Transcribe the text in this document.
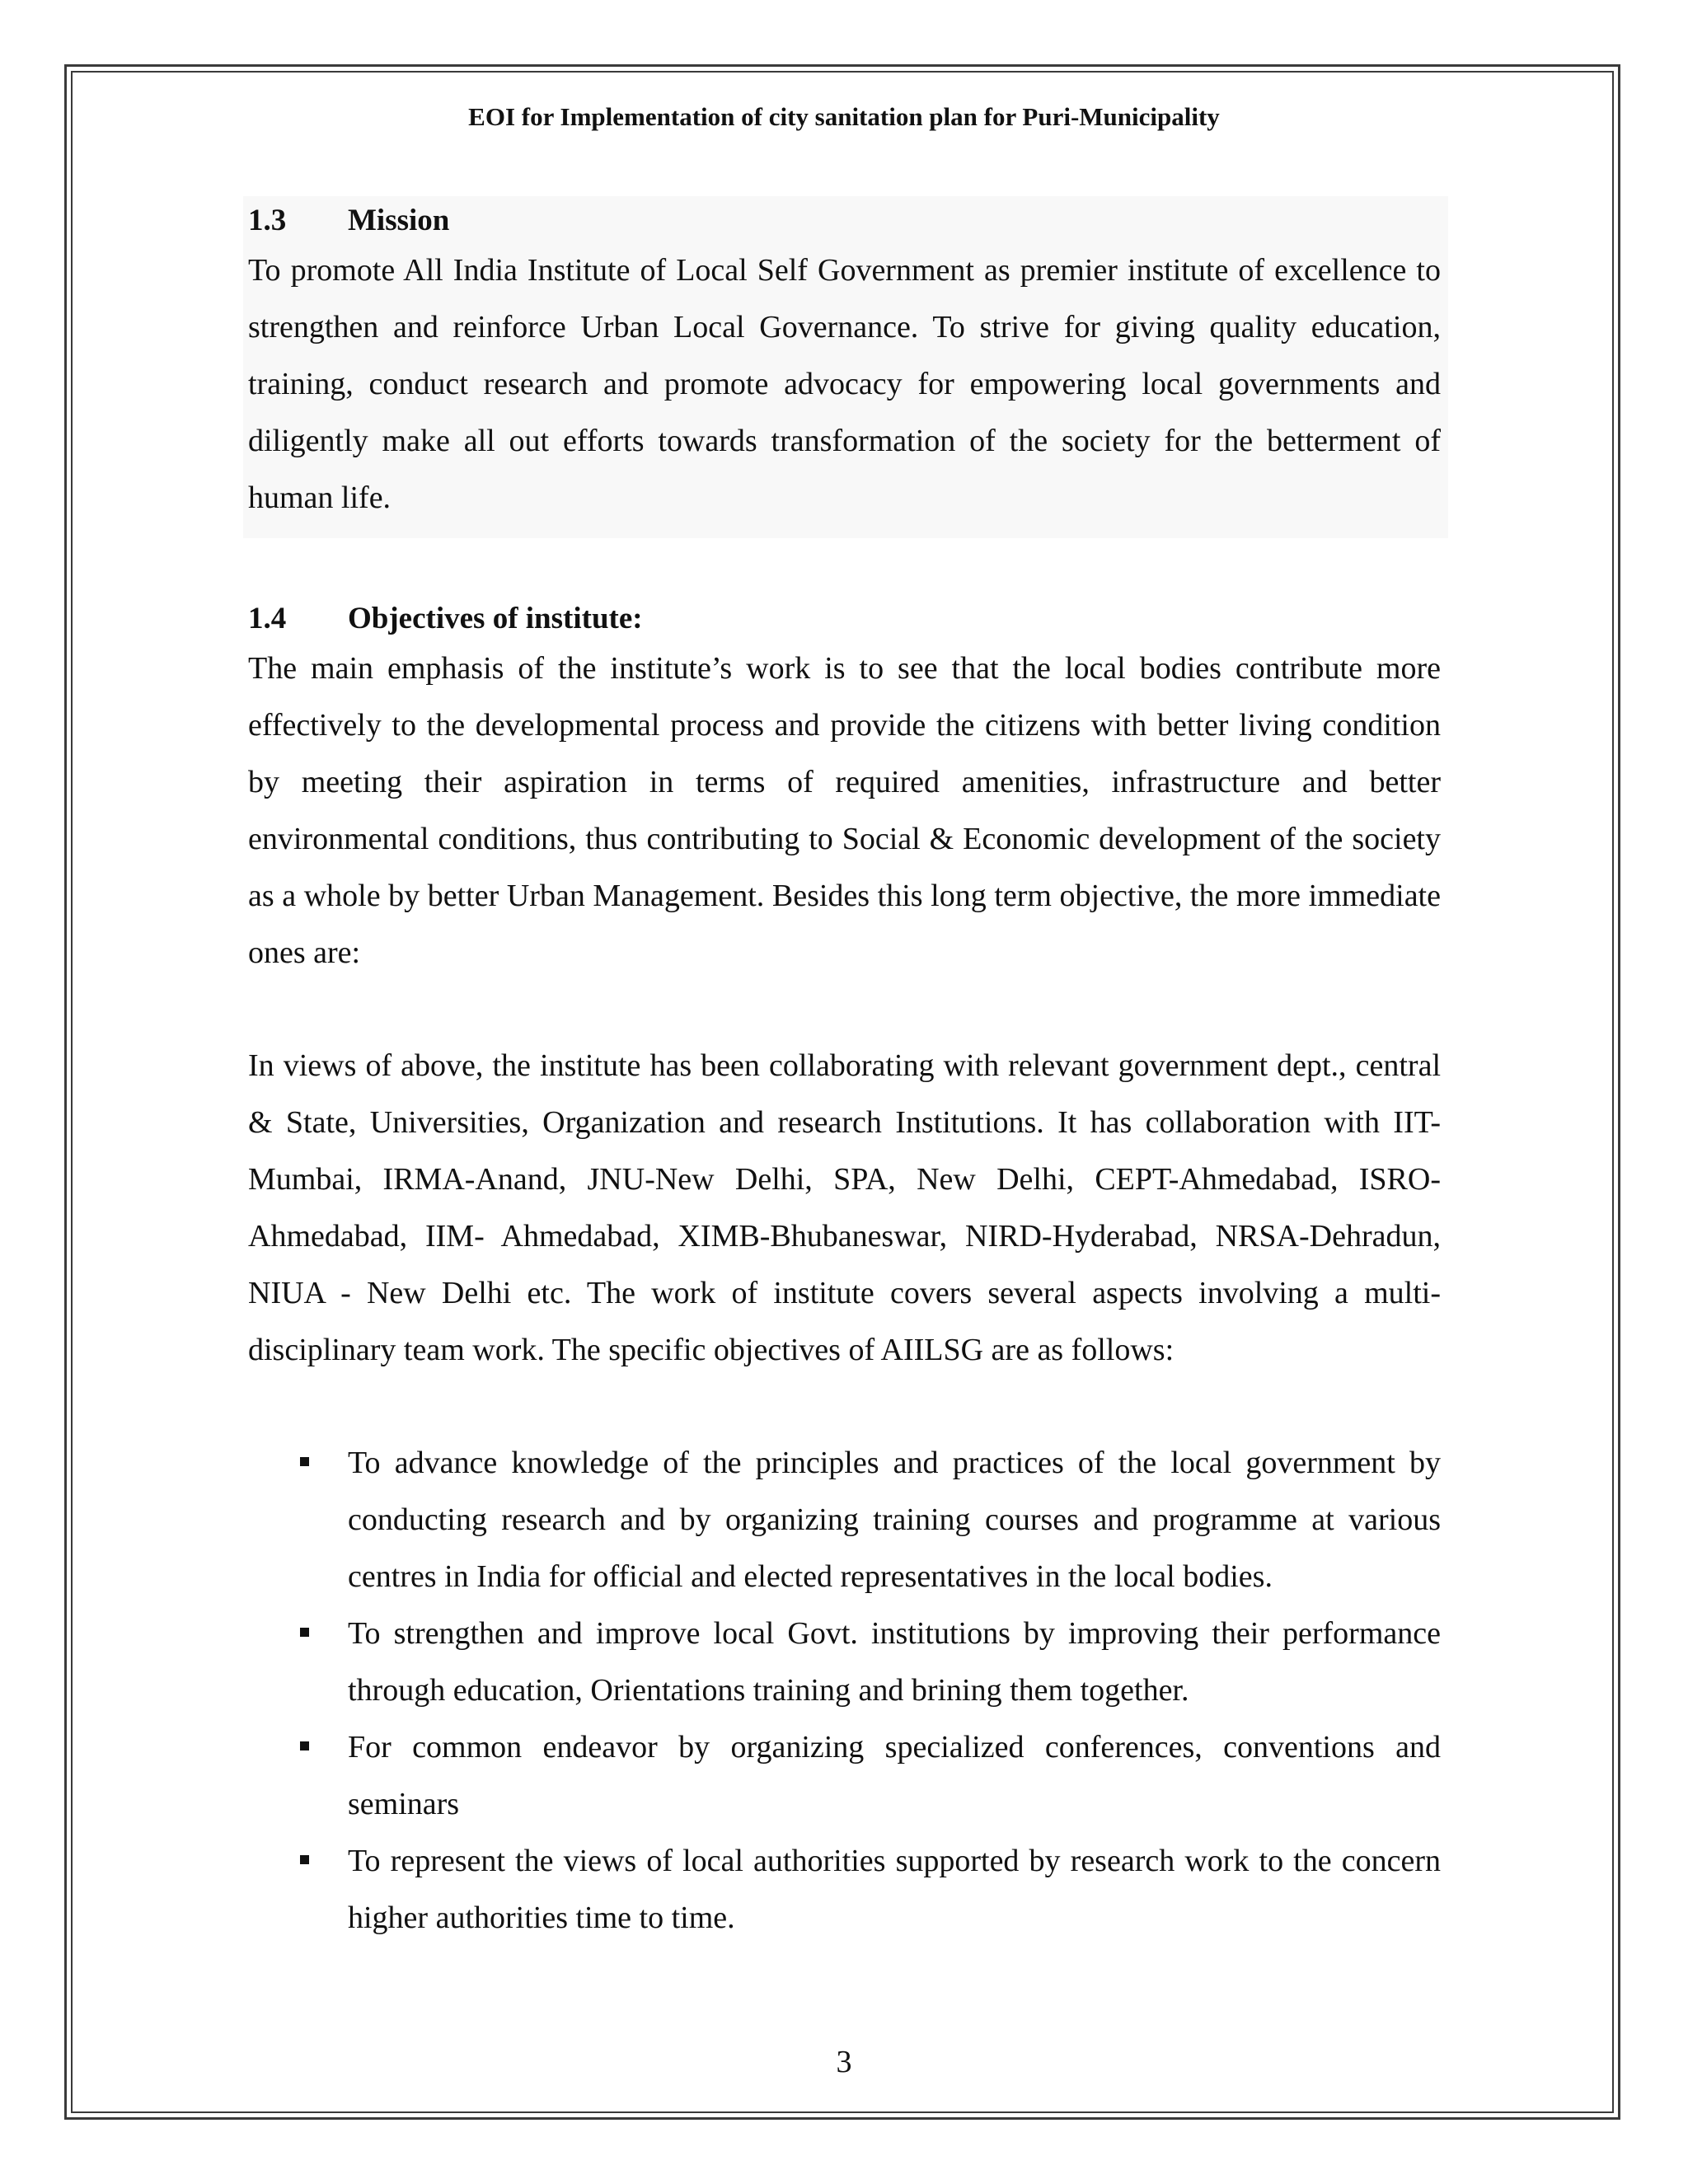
EOI for Implementation of city sanitation plan for Puri-Municipality
1.3	Mission

To promote All India Institute of Local Self Government as premier institute of excellence to strengthen and reinforce Urban Local Governance. To strive for giving quality education, training, conduct research and promote advocacy for empowering local governments and diligently make all out efforts towards transformation of the society for the betterment of human life.

1.4	Objectives of institute:

The main emphasis of the institute’s work is to see that the local bodies contribute more effectively to the developmental process and provide the citizens with better living condition by meeting their aspiration in terms of required amenities, infrastructure and better environmental conditions, thus contributing to Social & Economic development of the society as a whole by better Urban Management. Besides this long term objective, the more immediate ones are:

In views of above, the institute has been collaborating with relevant government dept., central & State, Universities, Organization and research Institutions. It has collaboration with IIT-Mumbai, IRMA-Anand, JNU-New Delhi, SPA, New Delhi, CEPT-Ahmedabad, ISRO- Ahmedabad, IIM- Ahmedabad, XIMB-Bhubaneswar, NIRD-Hyderabad, NRSA-Dehradun, NIUA - New Delhi etc. The work of institute covers several aspects involving a multi- disciplinary team work. The specific objectives of AIILSG are as follows:

To advance knowledge of the principles and practices of the local government by conducting research and by organizing training courses and programme at various centres in India for official and elected representatives in the local bodies.
To strengthen and improve local Govt. institutions by improving their performance through education, Orientations training and brining them together.
For common endeavor by organizing specialized conferences, conventions and seminars
To represent the views of local authorities supported by research work to the concern higher authorities time to time.
3
